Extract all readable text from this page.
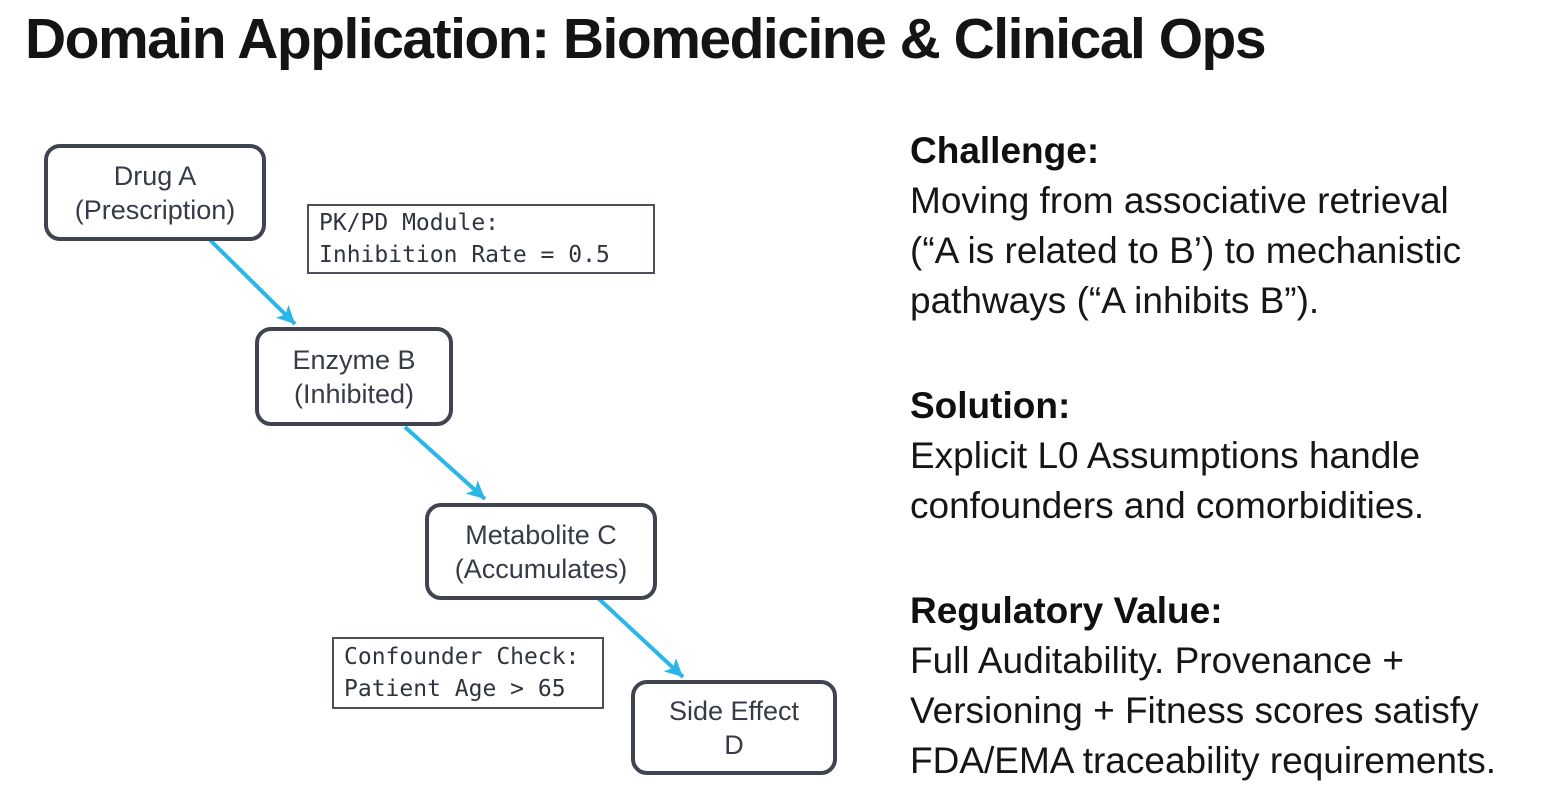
Domain Application: Biomedicine & Clinical Ops
Drug A
(Prescription)
Enzyme B
(Inhibited)
Metabolite C
(Accumulates)
Side Effect
D
PK/PD Module:
Inhibition Rate = 0.5
Confounder Check:
Patient Age > 65
Challenge:
Moving from associative retrieval
(“A is related to B’) to mechanistic
pathways (“A inhibits B”).
Solution:
Explicit L0 Assumptions handle
confounders and comorbidities.
Regulatory Value:
Full Auditability. Provenance +
Versioning + Fitness scores satisfy
FDA/EMA traceability requirements.
